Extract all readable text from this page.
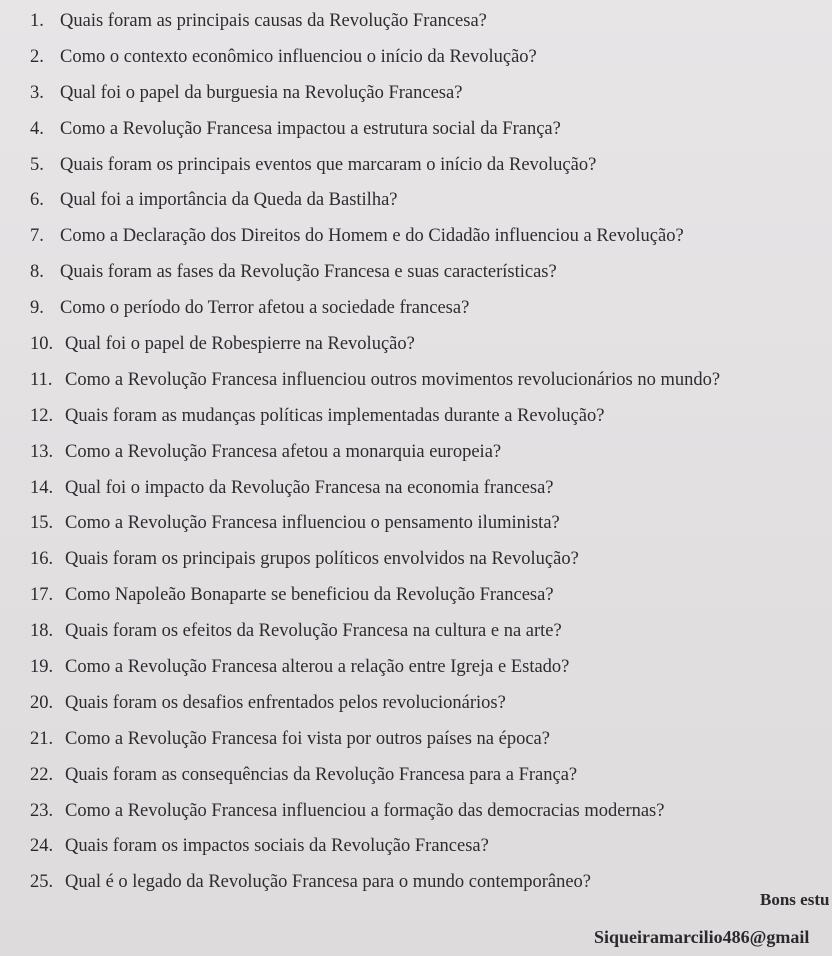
1. Quais foram as principais causas da Revolução Francesa?
2. Como o contexto econômico influenciou o início da Revolução?
3. Qual foi o papel da burguesia na Revolução Francesa?
4. Como a Revolução Francesa impactou a estrutura social da França?
5. Quais foram os principais eventos que marcaram o início da Revolução?
6. Qual foi a importância da Queda da Bastilha?
7. Como a Declaração dos Direitos do Homem e do Cidadão influenciou a Revolução?
8. Quais foram as fases da Revolução Francesa e suas características?
9. Como o período do Terror afetou a sociedade francesa?
10. Qual foi o papel de Robespierre na Revolução?
11. Como a Revolução Francesa influenciou outros movimentos revolucionários no mundo?
12. Quais foram as mudanças políticas implementadas durante a Revolução?
13. Como a Revolução Francesa afetou a monarquia europeia?
14. Qual foi o impacto da Revolução Francesa na economia francesa?
15. Como a Revolução Francesa influenciou o pensamento iluminista?
16. Quais foram os principais grupos políticos envolvidos na Revolução?
17. Como Napoleão Bonaparte se beneficiou da Revolução Francesa?
18. Quais foram os efeitos da Revolução Francesa na cultura e na arte?
19. Como a Revolução Francesa alterou a relação entre Igreja e Estado?
20. Quais foram os desafios enfrentados pelos revolucionários?
21. Como a Revolução Francesa foi vista por outros países na época?
22. Quais foram as consequências da Revolução Francesa para a França?
23. Como a Revolução Francesa influenciou a formação das democracias modernas?
24. Quais foram os impactos sociais da Revolução Francesa?
25. Qual é o legado da Revolução Francesa para o mundo contemporâneo?
Bons estu
Siqueiramarcilio486@gmail
